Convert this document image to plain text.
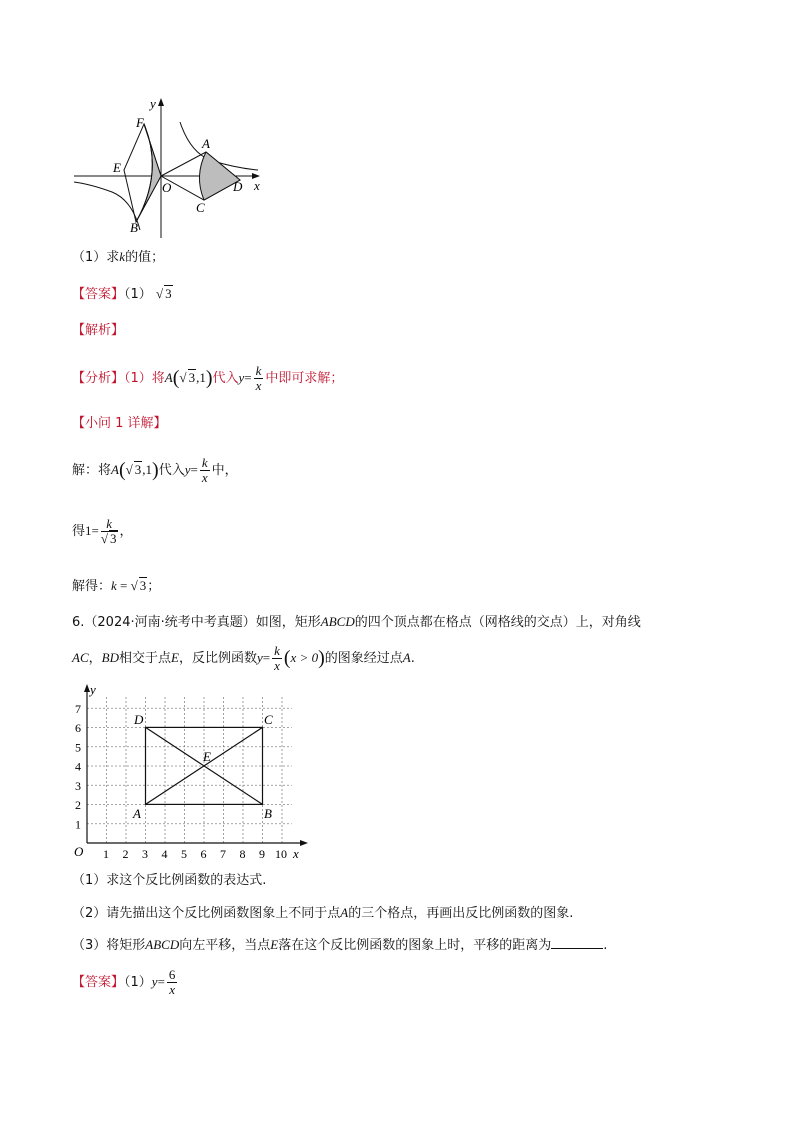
y
x
F
E
O
B
A
C
D
（1）求k的值；
【答案】（1） √ 3
【解析】
【分析】（1）将A(√ 3,1)代入$y= \frac{k}{x}$ 中即可求解；
【小问 1 详解】
解：将A(√ 3,1)代入$y= \frac{k}{x}$ 中，
得$1= \frac{k}{√ 3}$ ，
解得：k = √ 3；
6.（2024·河南·统考中考真题）如图，矩形ABCD的四个顶点都在格点（网格线的交点）上，对角线
AC，BD相交于点E，反比例函数$y= \frac{k}{x} (x > 0)$的图象经过点A.
1 2 3 4 5 6 7 8 9 10
1
2
3
4
5
6
7
O	x
y
A	B
C
D
E
（1）求这个反比例函数的表达式.
（2）请先描出这个反比例函数图象上不同于点A的三个格点，再画出反比例函数的图象.
（3）将矩形ABCD向左平移，当点E落在这个反比例函数的图象上时，平移的距离为	.
【答案】$(1)y= \frac{6}{x}$
